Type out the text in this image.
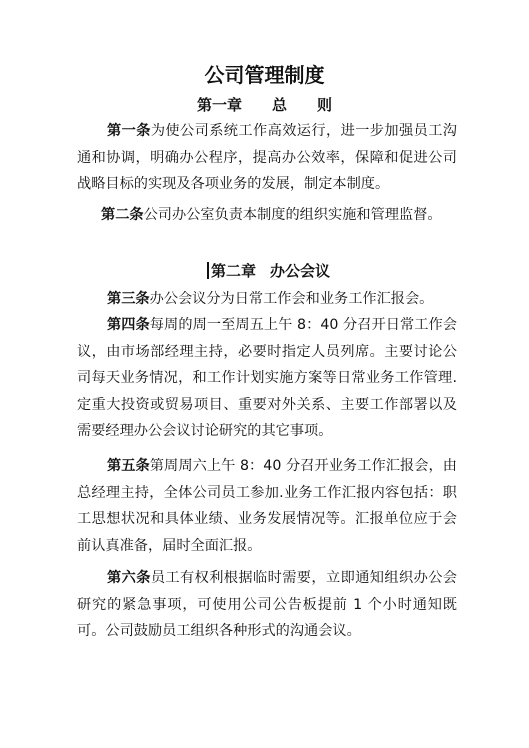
公司管理制度
第一章 总　　则

第一条为使公司系统工作高效运行，进一步加强员工沟通和协调，明确办公程序，提高办公效率，保障和促进公司战略目标的实现及各项业务的发展，制定本制度。

第二条公司办公室负责本制度的组织实施和管理监督。

第二章 办公会议

第三条办公会议分为日常工作会和业务工作汇报会。

第四条每周的周一至周五上午 8：40 分召开日常工作会议，由市场部经理主持，必要时指定人员列席。主要讨论公司每天业务情况，和工作计划实施方案等日常业务工作管理.定重大投资或贸易项目、重要对外关系、主要工作部署以及需要经理办公会议讨论研究的其它事项。

第五条第周周六上午 8：40 分召开业务工作汇报会，由总经理主持，全体公司员工参加.业务工作汇报内容包括：职工思想状况和具体业绩、业务发展情况等。汇报单位应于会前认真准备，届时全面汇报。

第六条员工有权利根据临时需要，立即通知组织办公会研究的紧急事项，可使用公司公告板提前 1 个小时通知既可。公司鼓励员工组织各种形式的沟通会议。
